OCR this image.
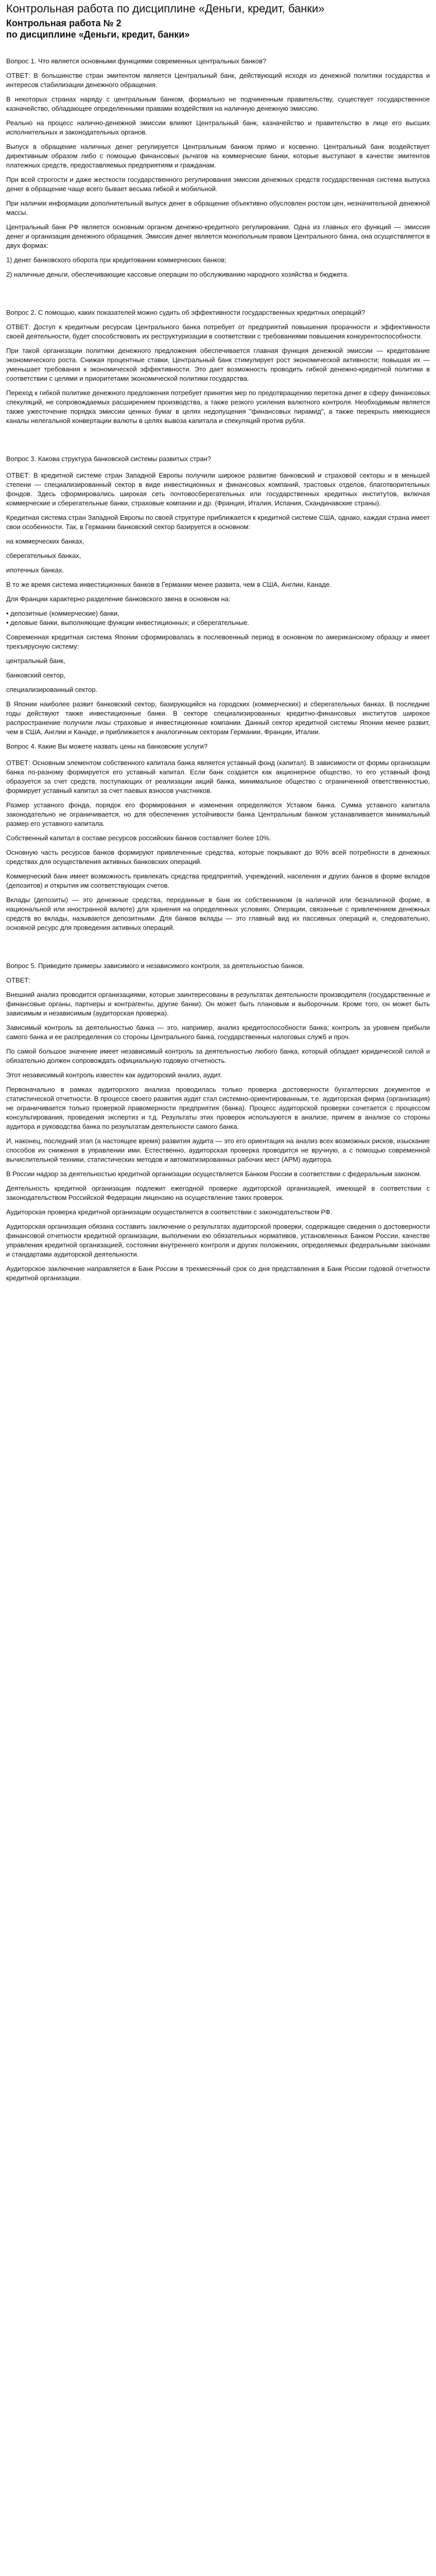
Контрольная работа по дисциплине «Деньги, кредит, банки»
Контрольная работа № 2
по дисциплине «Деньги, кредит, банки»

Вопрос 1. Что является основными функциями современных центральных банков?

ОТВЕТ: В большинстве стран эмитентом является Центральный банк, действующий исходя из денежной политики государства и интересов стабилизации денежного обращения.

В некоторых странах наряду с центральным банком, формально не подчиненным правительству, существует государственное казначейство, обладающее определенными правами воздействия на наличную денежную эмиссию.

Реально на процесс налично-денежной эмиссии влияют Центральный банк, казначейство и правительство в лице его высших исполнительных и законодательных органов.

Выпуск в обращение наличных денег регулируется Центральным банком прямо и косвенно. Центральный банк воздействует директивным образом либо с помощью финансовых рычагов на коммерческие банки, которые выступают в качестве эмитентов платежных средств, предоставляемых предприятиям и гражданам.

При всей строгости и даже жесткости государственного регулирования эмиссии денежных средств государственная система выпуска денег в обращение чаще всего бывает весьма гибкой и мобильной.

При наличии информации дополнительный выпуск денег в обращение объективно обусловлен ростом цен, незначительной денежной массы.

Центральный банк РФ является основным органом денежно-кредитного регулирования. Одна из главных его функций — эмиссия денег и организация денежного обращения. Эмиссия денег является монопольным правом Центрального банка, она осуществляется в двух формах:

1) денег банковского оборота при кредитовании коммерческих банков;

2) наличные деньги, обеспечивающие кассовые операции по обслуживанию народного хозяйства и бюджета.

Вопрос 2. С помощью, каких показателей можно судить об эффективности государственных кредитных операций?

ОТВЕТ: Доступ к кредитным ресурсам Центрального банка потребует от предприятий повышения прорачности и эффективности своей деятельности, будет способствовать их реструктуризации в соответствии с требованиями повышения конкурентоспособности.

При такой организации политики денежного предложения обеспечивается главная функция денежной эмиссии — кредитование экономического роста. Снижая процентные ставки, Центральный банк стимулирует рост экономической активности; повышая их — уменьшает требования к экономической эффективности. Это дает возможность проводить гибкой денежно-кредитной политики в соответствии с целями и приоритетами экономической политики государства.

Переход к гибкой политике денежного предложения потребует принятия мер по предотвращению перетока денег в сферу финансовых спекуляций, не сопровождаемых расширением производства, а также резкого усиления валютного контроля. Необходимым является также ужесточение порядка эмиссии ценных бумаг в целях недопущения "финансовых пирамид", а также перекрыть имеющиеся каналы нелегальной конвертации валюты в целях вывоза капитала и спекуляций против рубля.

Вопрос 3. Какова структура банковской системы развитых стран?

ОТВЕТ: В кредитной системе стран Западной Европы получили широкое развитие банковский и страховой секторы и в меньшей степени — специализированный сектор в виде инвестиционных и финансовых компаний, трастовых отделов, благотворительных фондов. Здесь сформировались широкая сеть почтовосберегательных или государственных кредитных институтов, включая коммерческие и сберегательные банки, страховые компании и др. (Франция, Италия, Испания, Скандинавские страны).

Кредитная система стран Западной Европы по своей структуре приближается к кредитной системе США, однако, каждая страна имеет свои особенности. Так, в Германии банковский сектор базируется в основном:

на коммерческих банках,

сберегательных банках,

ипотечных банках.

В то же время система инвестиционных банков в Германии менее развита, чем в США, Англии, Канаде.

Для Франции характерно разделение банковского звена в основном на:

• депозитные (коммерческие) банки,
• деловые банки, выполняющие функции инвестиционных; и сберегательные.

Современная кредитная система Японии сформировалась в послевоенный период в основном по американскому образцу и имеет трехъярусную систему:

центральный банк,

банковский сектор,

специализированный сектор.

В Японии наиболее развит банковский сектор, базирующийся на городских (коммерческих) и сберегательных банках. В последние годы действуют также инвестиционные банки. В секторе специализированных кредитно-финансовых институтов широкое распространение получили лизы страховые и инвестиционные компании. Данный сектор кредитной системы Японии менее развит, чем в США, Англии и Канаде, и приближается к аналогичным секторам Германии, Франции, Италии.

Вопрос 4. Какие Вы можете назвать цены на банковские услуги?

ОТВЕТ: Основным элементом собственного капитала банка является уставный фонд (капитал). В зависимости от формы организации банка по-разному формируется его уставный капитал. Если банк создается как акционерное общество, то его уставный фонд образуется за счет средств, поступающих от реализации акций банка, минимальное общество с ограниченной ответственностью, формирует уставный капитал за счет паевых взносов участников.

Размер уставного фонда, порядок его формирования и изменения определяются Уставом банка. Сумма уставного капитала законодательно не ограничивается, но для обеспечения устойчивости банка Центральным банком устанавливается минимальный размер его уставного капитала.

Собственный капитал в составе ресурсов российских банков составляет более 10%.

Основную часть ресурсов банков формируют привлеченные средства, которые покрывают до 90% всей потребности в денежных средствах для осуществления активных банковских операций.

Коммерческий банк имеет возможность привлекать средства предприятий, учреждений, населения и других банков в форме вкладов (депозитов) и открытия им соответствующих счетов.

Вклады (депозиты) — это денежные средства, переданные в банк их собственником (в наличной или безналичной форме, в национальной или иностранной валюте) для хранения на определенных условиях. Операции, связанные с привлечением денежных средств во вклады, называются депозитными. Для банков вклады — это главный вид их пассивных операций и, следовательно, основной ресурс для проведения активных операций.

Вопрос 5. Приведите примеры зависимого и независимого контроля, за деятельностью банков.

ОТВЕТ:

Внешний анализ проводится организациями, которые заинтересованы в результатах деятельности производителя (государственные и финансовые органы, партнеры и контрагенты, другие банки). Он может быть плановым и выборочным. Кроме того, он может быть зависимым и независимым (аудиторская проверка).

Зависимый контроль за деятельностью банка — это, например, анализ кредитоспособности банка; контроль за уровнем прибыли самого банка и ее распределения со стороны Центрального банка, государственных налоговых служб и проч.

По самой большое значение имеет независимый контроль за деятельностью любого банка, который обладает юридической силой и обязательно должен сопровождать официальную годовую отчетность.

Этот независимый контроль известен как аудиторский анализ, аудит.

Первоначально в рамках аудиторского анализа проводилась только проверка достоверности бухгалтерских документов и статистической отчетности. В процессе своего развития аудит стал системно-ориентированным, т.е. аудиторская фирма (организация) не ограничивается только проверкой правомерности предприятия (банка). Процесс аудиторской проверки сочетается с процессом консультирования, проведения экспертиз и т.д. Результаты этих проверок используются в анализе, причем в анализе со стороны аудитора и руководства банка по результатам деятельности самого банка.

И, наконец, последний этап (а настоящее время) развития аудита — это его ориентация на анализ всех возможных рисков, изыскание способов их снижения в управлении ими. Естественно, аудиторская проверка проводится не вручную, а с помощью современной вычислительной техники, статистических методов и автоматизированных рабочих мест (АРМ) аудитора.

В России надзор за деятельностью кредитной организации осуществляется Банком России в соответствии с федеральным законом.

Деятельность кредитной организации подлежит ежегодной проверке аудиторской организацией, имеющей в соответствии с законодательством Российской Федерации лицензию на осуществление таких проверок.

Аудиторская проверка кредитной организации осуществляется в соответствии с законодательством РФ.

Аудиторская организация обязана составить заключение о результатах аудиторской проверки, содержащее сведения о достоверности финансовой отчетности кредитной организации, выполнении ею обязательных нормативов, установленных Банком России, качестве управления кредитной организацией, состоянии внутреннего контроля и других положениях, определяемых федеральными законами и стандартами аудиторской деятельности.

Аудиторское заключение направляется в Банк России в трехмесячный срок со дня представления в Банк России годовой отчетности кредитной организации.
